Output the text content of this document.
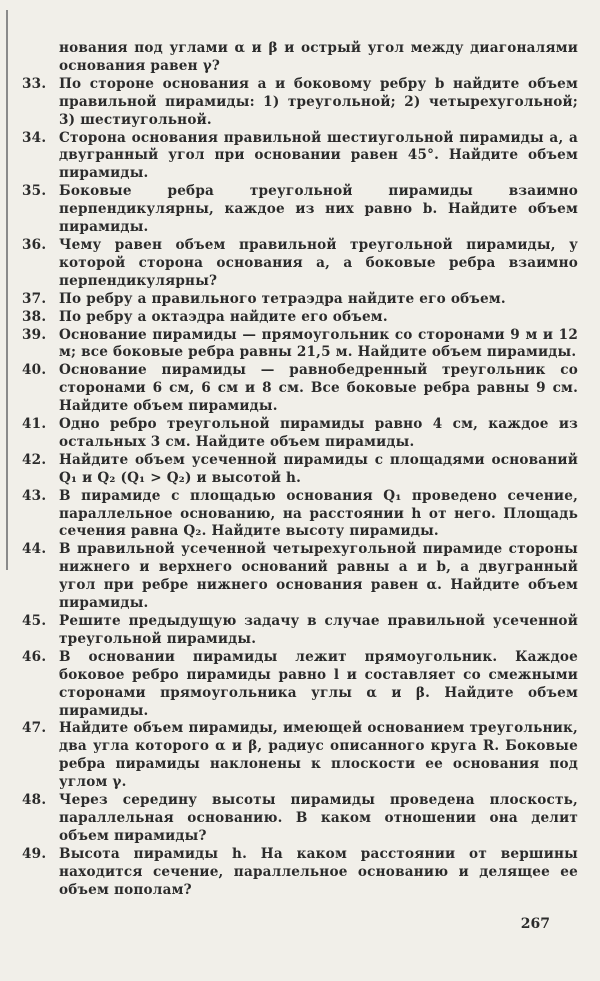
нования под углами α и β и острый угол между диагоналями основания равен γ?
33. По стороне основания a и боковому ребру b найдите объем правильной пирамиды: 1) треугольной; 2) четырехугольной; 3) шестиугольной.
34. Сторона основания правильной шестиугольной пирамиды a, а двугранный угол при основании равен 45°. Найдите объем пирамиды.
35. Боковые ребра треугольной пирамиды взаимно перпендикулярны, каждое из них равно b. Найдите объем пирамиды.
36. Чему равен объем правильной треугольной пирамиды, у которой сторона основания a, а боковые ребра взаимно перпендикулярны?
37. По ребру a правильного тетраэдра найдите его объем.
38. По ребру a октаэдра найдите его объем.
39. Основание пирамиды — прямоугольник со сторонами 9 м и 12 м; все боковые ребра равны 21,5 м. Найдите объем пирамиды.
40. Основание пирамиды — равнобедренный треугольник со сторонами 6 см, 6 см и 8 см. Все боковые ребра равны 9 см. Найдите объем пирамиды.
41. Одно ребро треугольной пирамиды равно 4 см, каждое из остальных 3 см. Найдите объем пирамиды.
42. Найдите объем усеченной пирамиды с площадями оснований Q₁ и Q₂ (Q₁ > Q₂) и высотой h.
43. В пирамиде с площадью основания Q₁ проведено сечение, параллельное основанию, на расстоянии h от него. Площадь сечения равна Q₂. Найдите высоту пирамиды.
44. В правильной усеченной четырехугольной пирамиде стороны нижнего и верхнего оснований равны a и b, а двугранный угол при ребре нижнего основания равен α. Найдите объем пирамиды.
45. Решите предыдущую задачу в случае правильной усеченной треугольной пирамиды.
46. В основании пирамиды лежит прямоугольник. Каждое боковое ребро пирамиды равно l и составляет со смежными сторонами прямоугольника углы α и β. Найдите объем пирамиды.
47. Найдите объем пирамиды, имеющей основанием треугольник, два угла которого α и β, радиус описанного круга R. Боковые ребра пирамиды наклонены к плоскости ее основания под углом γ.
48. Через середину высоты пирамиды проведена плоскость, параллельная основанию. В каком отношении она делит объем пирамиды?
49. Высота пирамиды h. На каком расстоянии от вершины находится сечение, параллельное основанию и делящее ее объем пополам?
267
